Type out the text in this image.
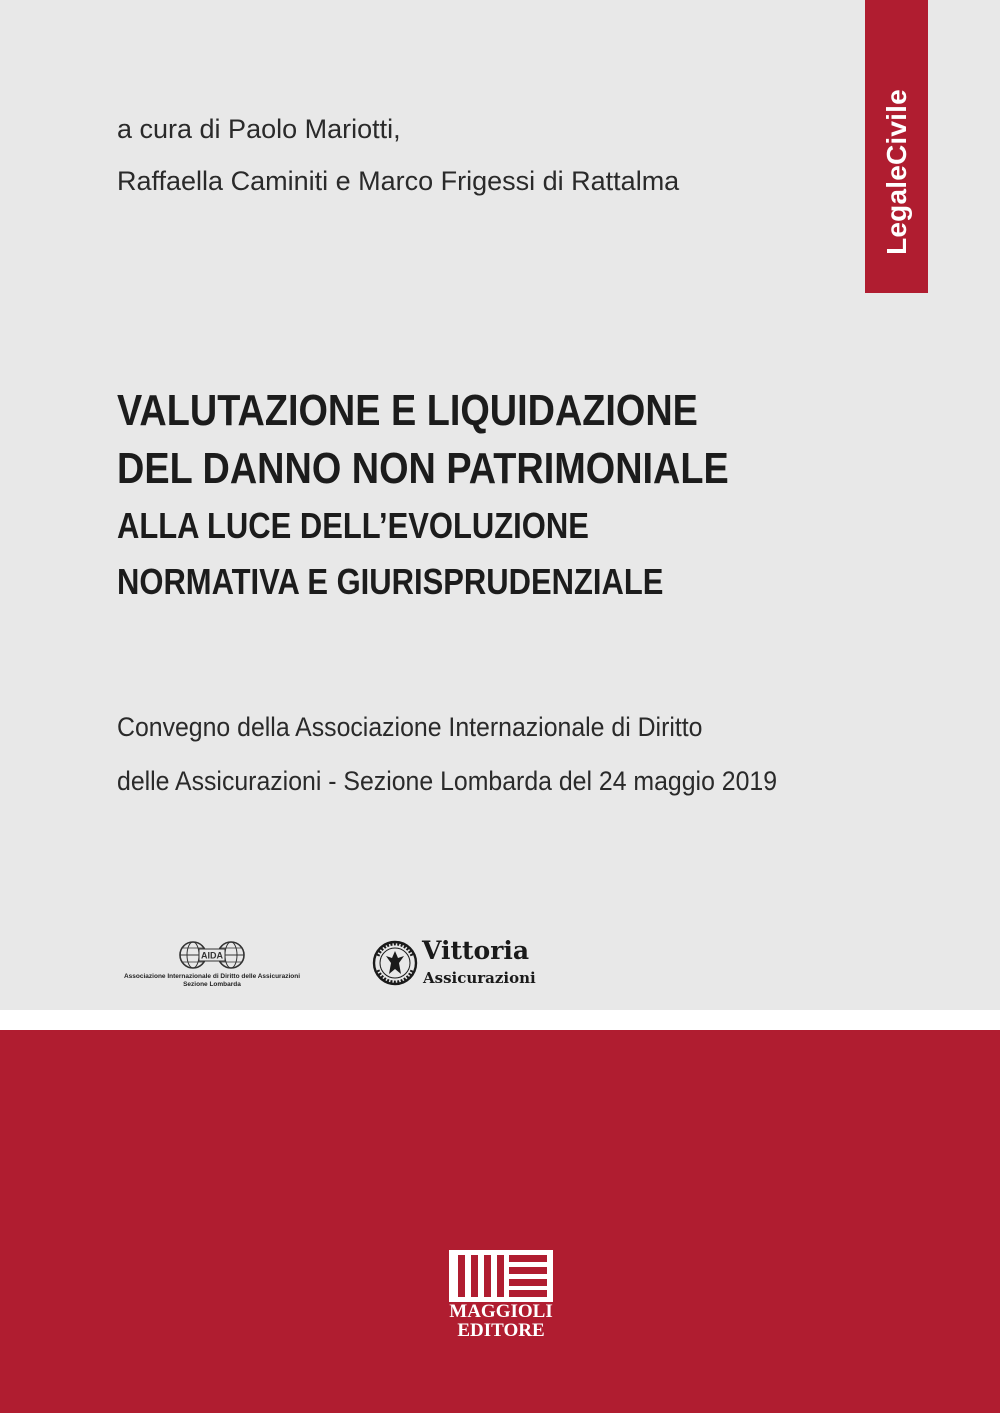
LegaleCivile
a cura di Paolo Mariotti,
Raffaella Caminiti e Marco Frigessi di Rattalma
VALUTAZIONE E LIQUIDAZIONE
DEL DANNO NON PATRIMONIALE
ALLA LUCE DELL’EVOLUZIONE
NORMATIVA E GIURISPRUDENZIALE
Convegno della Associazione Internazionale di Diritto
delle Assicurazioni - Sezione Lombarda del 24 maggio 2019
AIDA
Associazione Internazionale di Diritto delle Assicurazioni
Sezione Lombarda
Vittoria
Assicurazioni
MAGGIOLI
EDITORE
